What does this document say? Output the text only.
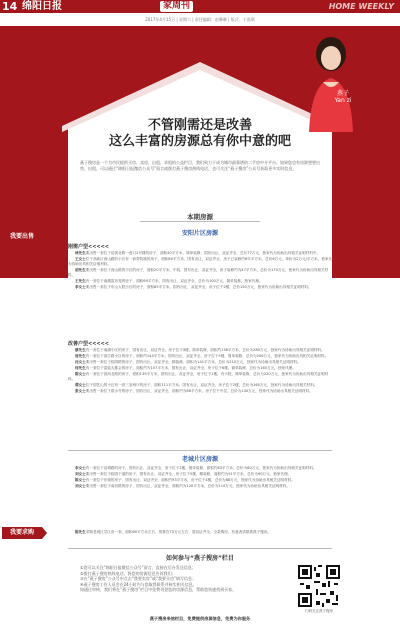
14 绵阳日报	家周刊	HOME WEEKLY
2017年4月15日 | 星期六 | 责任编辑：赵琳琳 | 版式：于嘉琪
燕子
Yan zi
不管刚需还是改善
这么丰富的房源总有你中意的吧
燕子搜房是一个为市民提供买房、卖房、出租、求租的公益栏目，我们致力于成为城市最靠谱的二手房中介平台。如果您也有房源想要出售、出租，可以通过“绵阳日报微信公众号”留言或拨打燕子搜房热线电话，也可关注“燕子搜房”公众号获取更多实时信息。
本期房源
安阳片区房源
我要出售
刚需户型<<<<<

林先生要出售一套位于涪滨北路一巷口2号楼的房子，面积40平方米，简单装修，国有出让，双证齐全，总价77万元，独家代为协助出具相关证明材料中。

王女士位于高新区西山路的小区有一套带院落的房子，面积60平方米，国有出让，双证齐全，房子已装修约6年平方米，总价6万元，单价为2万元/平方米，独家代为协助出具相关证明材料。

胡先生要出售一套位于西山路的小区的房子，面积20平方米，中装，国有出让，双证齐全，房子装修约为47平方米，总价为170万元，独家代为协助出具相关材料。

王先生有一套位于南湖富乐苑的房子，面积69平方米，国有出让，双证齐全，总价为100万元，简单装修，独家代理。

李女士要出售一套位于东山大院小区的房子，面积85平方米，国有出让，双证齐全，房子位于2楼，总价150万元，独家代为协助出具相关证明材料。

改善户型<<<<<

蔡先生有一套位于南湖小区的房子，国有出让，双证齐全，房子位于3楼，简单装修，面积约138平方米，总价为280万元，独家代为协助出具相关证明材料。

周先生有一套位于滨江路小区的房子，面积约144平方米，国有出让，双证齐全，房子位于5楼，简单装修，总价为206万元，独家代为协助出具相关证明材料。

沈女士要出售一套位于临园路的房子，国有出让，双证齐全，精装修，面积为141平方米，总价为210万元，独家代为协助出具相关证明材料。

何先生有一套位于富临大都会的房子，面积约为157平方米，国有出让，双证齐全，房子位于6楼，简单装修，总价为160万元，独家代理。

陈女士有一套位于滨河北路的房子，面积139平方米，国有出让，双证齐全，房子位于1楼，有小院，简单装修，总价为220万元，独家代为协助出具相关证明材料。

谭女士位于园艺山的小区有一套三室两厅的房子，面积111平方米，国有出让，双证齐全，房子位于2楼，总价为165万元，独家代为协助出具相关材料。

张女士要出售一套位于碧水寺的房子，国有出让，双证齐全，面积约为86平方米，房子位于中层，总价为140万元，独家代为协助出具相关证明材料。

老城片区房源

李女士有一套位于涪城路的房子，国有出让，双证齐全，房子位于2楼，简单装修，面积约63平方米，总价为60万元，独家代为协助出具相关证明材料。

刘女士要出售一套位于临园干道的房子，国有出让，双证齐全，房子位于5楼，精装修，面积约为91平方米，总价为90万元，独家代理。

陈女士有一套位于东街的房子，国有出让，双证齐全，面积约93平方米，房子位于4楼，总价为88万元，独家代为协助出具相关证明材料。

刘女士要出售一套位于南河路的房子，国有出让，双证齐全，面积约为120平方米，总价为110万元，独家代为协助出具相关证明材料。

我要求购	陈先生求购老城区学区房一套，面积60平方米左右，预算在70万元左右，需双证齐全，全款购房，有意者请联系燕子搜房。

如何参与“燕子搜房”栏目

①您可以关注“绵阳日报微信公众号”留言，直接在后台发送信息；

②拨打燕子搜房热线电话，将您的房源信息告诉我们；

③在“燕子搜房”公众号中点击“我要卖房”或“我要买房”填写信息；

④燕子搜房工作人员会在24小时内与您取得联系并核实相关信息。

如通过审核，我们将在“燕子搜房”栏目中免费刊登您的房源信息，帮助您快速找到买家。

扫码关注燕子搜房
燕子搜房来信栏目，免费提供房源信息，免费为你服务
